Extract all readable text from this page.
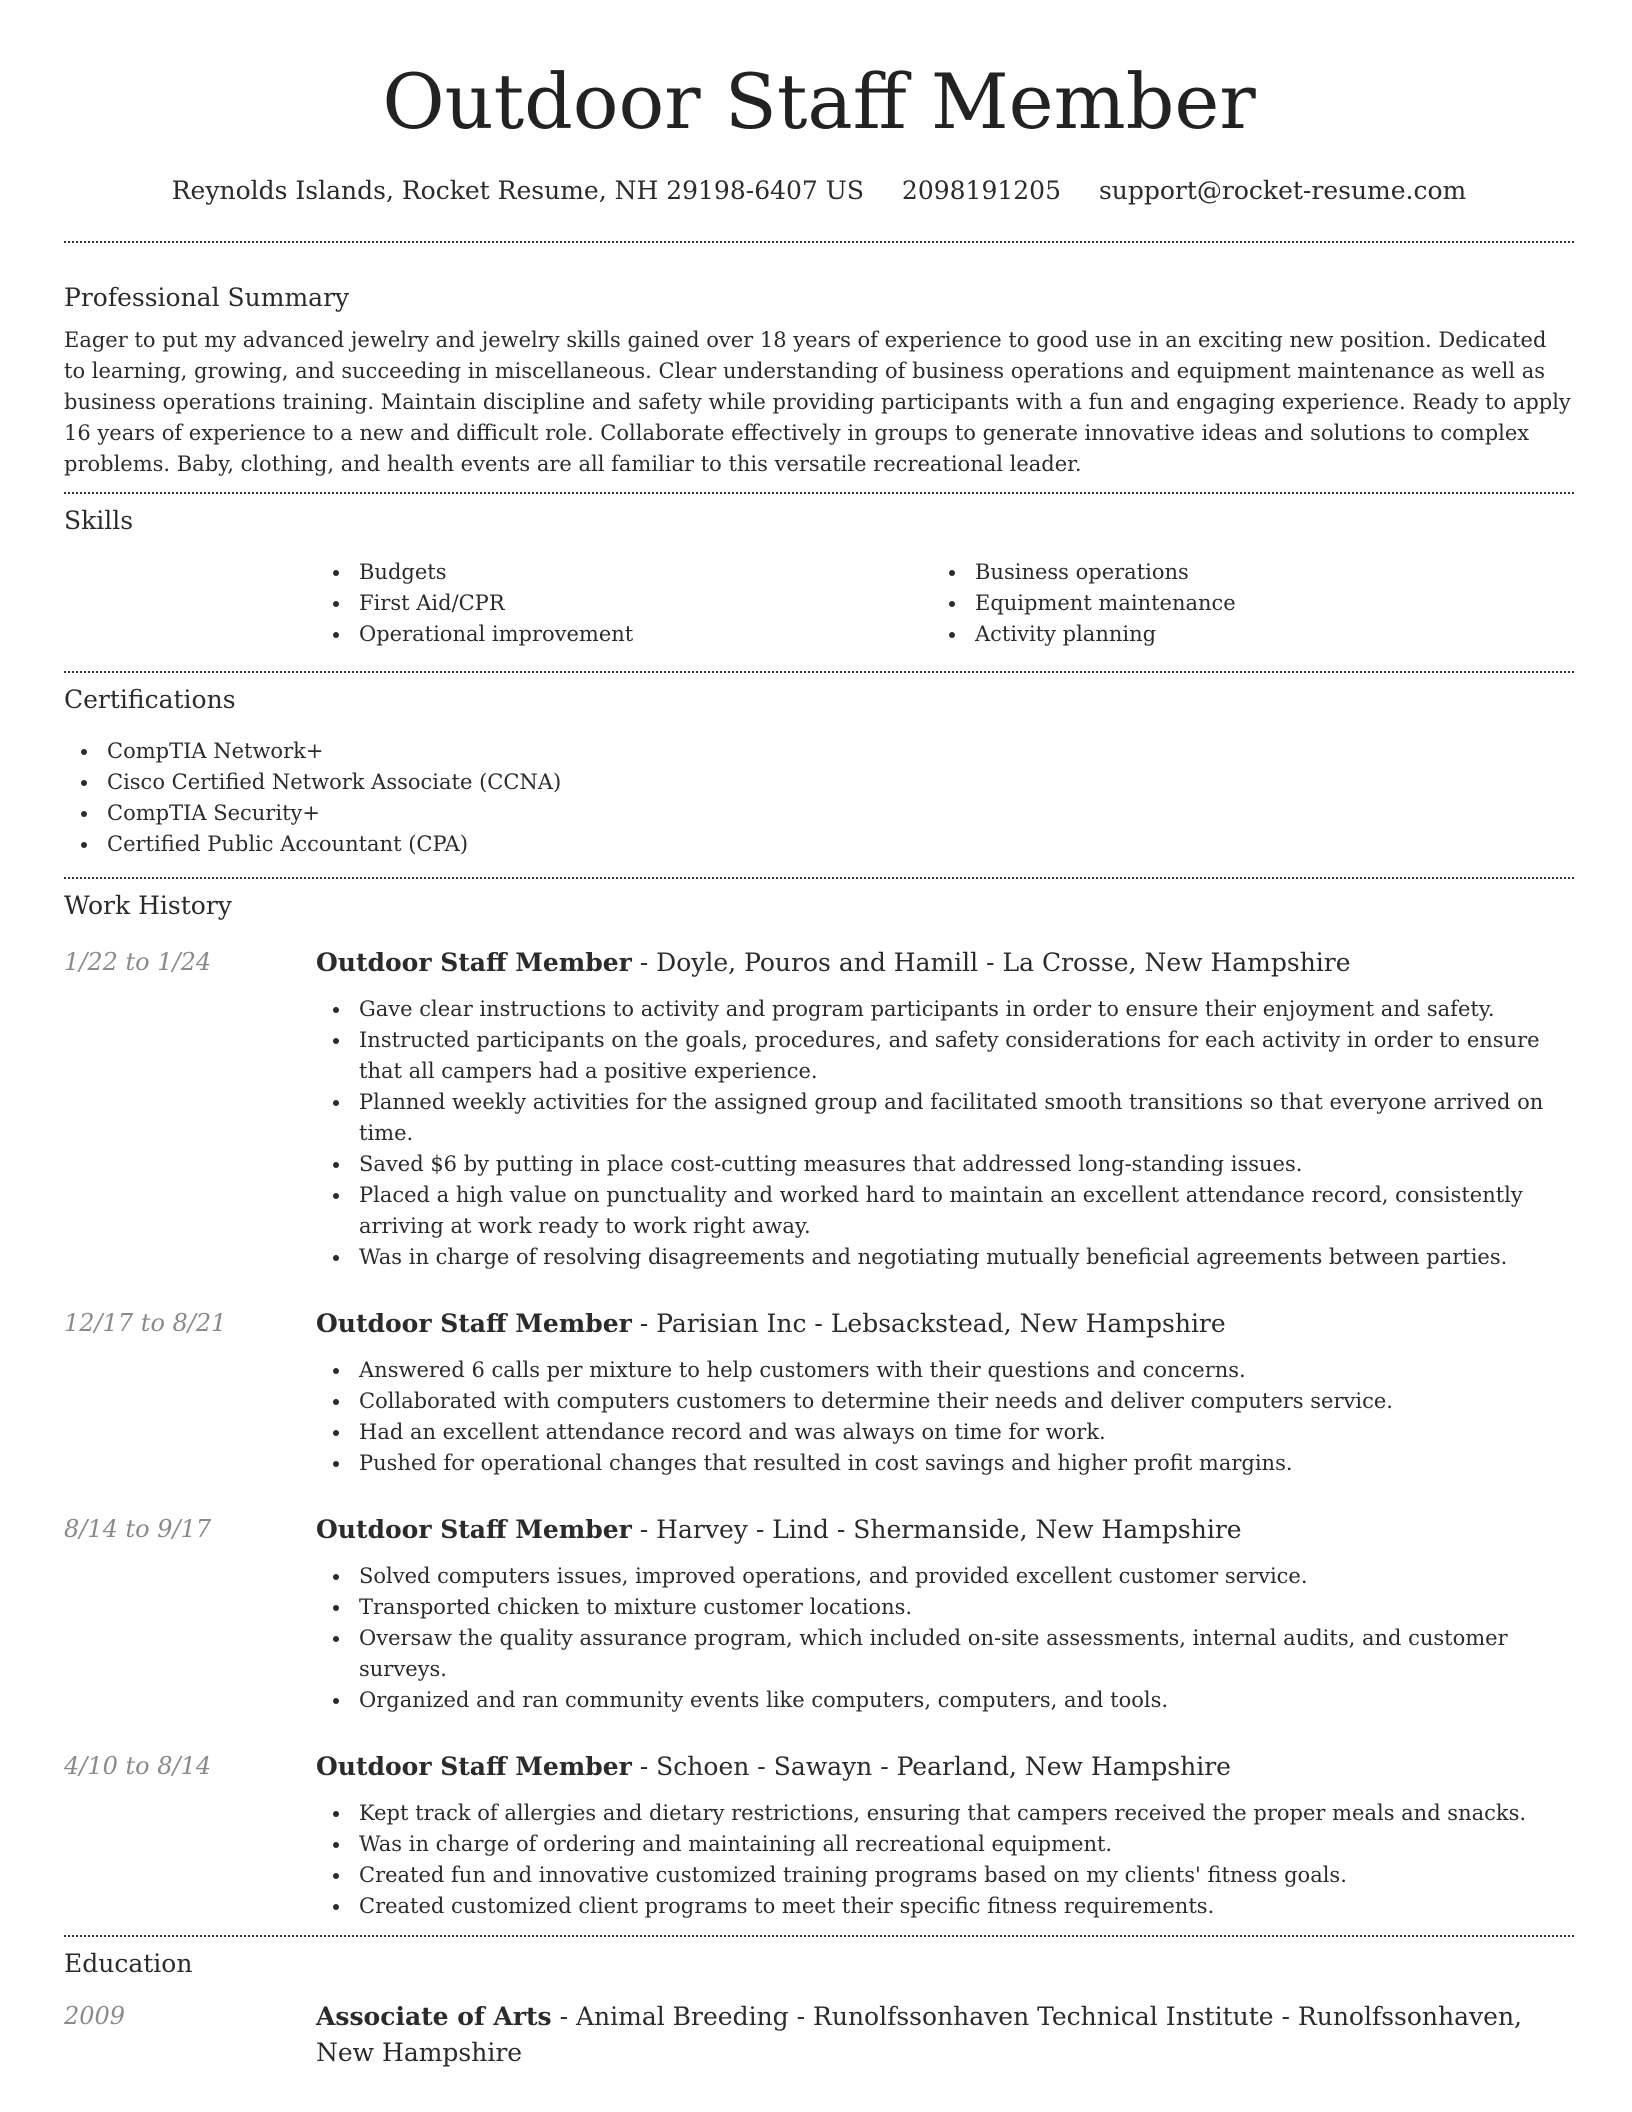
Outdoor Staff Member
Reynolds Islands, Rocket Resume, NH 29198-6407 US 2098191205 support@rocket-resume.com
Professional Summary

Eager to put my advanced jewelry and jewelry skills gained over 18 years of experience to good use in an exciting new position. Dedicated to learning, growing, and succeeding in miscellaneous. Clear understanding of business operations and equipment maintenance as well as business operations training. Maintain discipline and safety while providing participants with a fun and engaging experience. Ready to apply 16 years of experience to a new and difficult role. Collaborate effectively in groups to generate innovative ideas and solutions to complex problems. Baby, clothing, and health events are all familiar to this versatile recreational leader.

Skills
Budgets
First Aid/CPR
Operational improvement
Business operations
Equipment maintenance
Activity planning
Certifications
CompTIA Network+
Cisco Certified Network Associate (CCNA)
CompTIA Security+
Certified Public Accountant (CPA)
Work History
1/22 to 1/24	Outdoor Staff Member - Doyle, Pouros and Hamill - La Crosse, New Hampshire
Gave clear instructions to activity and program participants in order to ensure their enjoyment and safety.
Instructed participants on the goals, procedures, and safety considerations for each activity in order to ensure that all campers had a positive experience.
Planned weekly activities for the assigned group and facilitated smooth transitions so that everyone arrived on time.
Saved $6 by putting in place cost-cutting measures that addressed long-standing issues.
Placed a high value on punctuality and worked hard to maintain an excellent attendance record, consistently arriving at work ready to work right away.
Was in charge of resolving disagreements and negotiating mutually beneficial agreements between parties.
12/17 to 8/21	Outdoor Staff Member - Parisian Inc - Lebsackstead, New Hampshire
Answered 6 calls per mixture to help customers with their questions and concerns.
Collaborated with computers customers to determine their needs and deliver computers service.
Had an excellent attendance record and was always on time for work.
Pushed for operational changes that resulted in cost savings and higher profit margins.
8/14 to 9/17	Outdoor Staff Member - Harvey - Lind - Shermanside, New Hampshire
Solved computers issues, improved operations, and provided excellent customer service.
Transported chicken to mixture customer locations.
Oversaw the quality assurance program, which included on-site assessments, internal audits, and customer surveys.
Organized and ran community events like computers, computers, and tools.
4/10 to 8/14	Outdoor Staff Member - Schoen - Sawayn - Pearland, New Hampshire
Kept track of allergies and dietary restrictions, ensuring that campers received the proper meals and snacks.
Was in charge of ordering and maintaining all recreational equipment.
Created fun and innovative customized training programs based on my clients' fitness goals.
Created customized client programs to meet their specific fitness requirements.
Education
2009	Associate of Arts - Animal Breeding - Runolfssonhaven Technical Institute - Runolfssonhaven, New Hampshire
